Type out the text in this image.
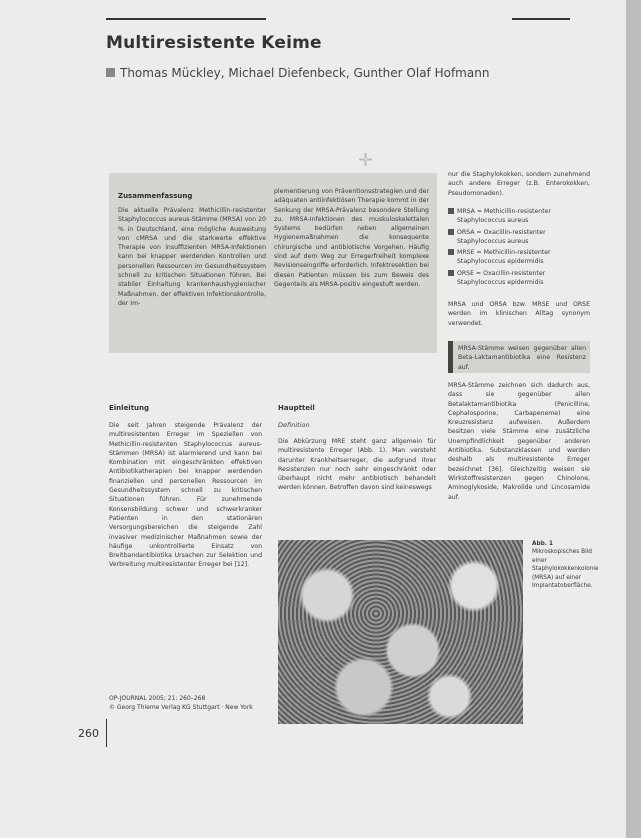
Multiresistente Keime
Thomas Mückley, Michael Diefenbeck, Gunther Olaf Hofmann
✛
Zusammenfassung
Die aktuelle Prävalenz Methicillin-resistenter Staphylococcus aureus-Stämme (MRSA) von 20 % in Deutschland, eine mögliche Ausweitung von cMRSA und die starkwerte effektive Therapie von insuffizienten MRSA-Infektionen kann bei knapper werdenden Kontrollen und personellen Ressourcen im Gesundheitssystem schnell zu kritischen Situationen führen. Bei stabiler Einhaltung krankenhaushygienischer Maßnahmen, der effektiven Infektionskontrolle, der Im-
plementierung von Präventionsstrategien und der adäquaten antiinfektiösen Therapie kommt in der Senkung der MRSA-Prävalenz besondere Stellung zu. MRSA-Infektionen des muskuloskelettalen Systems bedürfen neben allgemeinen Hygienemaßnahmen die konsequente chirurgische und antibiotische Vorgehen. Häufig sind auf dem Weg zur Erregerfreiheit komplexe Revisionseingriffe erforderlich. Infektresektion bei diesen Patienten müssen bis zum Beweis des Gegenteils als MRSA-positiv eingestuft werden.
nur die Staphylokokken, sondern zunehmend auch andere Erreger (z.B. Enterokokken, Pseudomonaden).
MRSA = Methicillin-resistenter Staphylococcus aureus
ORSA = Oxacillin-resistenter Staphylococcus aureus
MRSE = Methicillin-resistenter Staphylococcus epidermidis
ORSE = Oxacillin-resistenter Staphylococcus epidermidis
MRSA und ORSA bzw. MRSE und ORSE werden im klinischen Alltag synonym verwendet.
MRSA-Stämme weisen gegenüber allen Beta-Laktamantibiotika eine Resistenz auf.
MRSA-Stämme zeichnen sich dadurch aus, dass sie gegenüber allen Betalaktamantibiotika (Penicilline, Cephalosporine, Carbapeneme) eine Kreuzresistenz aufweisen. Außerdem besitzen viele Stämme eine zusätzliche Unempfindlichkeit gegenüber anderen Antibiotika. Substanzklassen und werden deshalb als multiresistente Erreger bezeichnet [36]. Gleichzeitig weisen sie Wirkstoffresistenzen gegen Chinolone, Aminoglykoside, Makrolide und Lincosamide auf.
Einleitung
Die seit Jahren steigende Prävalenz der multiresistenten Erreger im Speziellen von Methicillin-resistenten Staphylococcus aureus-Stämmen (MRSA) ist alarmierend und kann bei Kombination mit eingeschränkten effektiven Antibiotikatherapien bei knapper werdenden finanziellen und personellen Ressourcen im Gesundheitssystem schnell zu kritischen Situationen führen. Für zunehmende Konsensbildung schwer und schwerkranker Patienten in den stationären Versorgungsbereichen die steigende Zahl invasiver medizinischer Maßnahmen sowie der häufige unkontrollierte Einsatz von Breitbandantibiotika Ursachen zur Selektion und Verbreitung multiresistenter Erreger bei [12].
Hauptteil
Definition
Die Abkürzung MRE steht ganz allgemein für multiresistente Erreger (Abb. 1). Man versteht darunter Krankheitserreger, die aufgrund ihrer Resistenzen nur noch sehr eingeschränkt oder überhaupt nicht mehr antibiotisch behandelt werden können. Betroffen davon sind keineswegs
Abb. 1 Mikroskopisches Bild einer Staphylokokkenkolonie (MRSA) auf einer Implantatoberfläche.
OP-JOURNAL 2005; 21: 260–268
© Georg Thieme Verlag KG Stuttgart · New York
260
